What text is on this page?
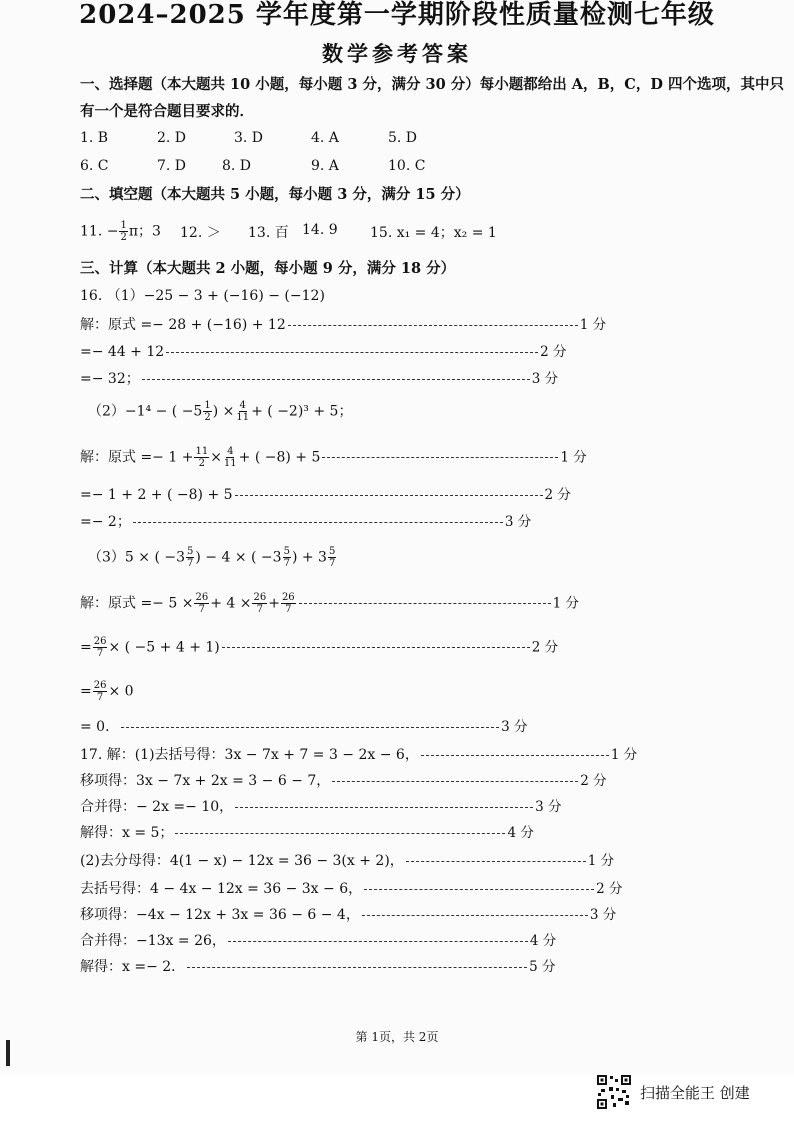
2024–2025 学年度第一学期阶段性质量检测七年级
数学参考答案
一、选择题（本大题共 10 小题，每小题 3 分，满分 30 分）每小题都给出 A，B，C，D 四个选项，其中只
有一个是符合题目要求的．
1. B	2. D	3. D	4. A	5. D
6. C	7. D	8. D	9. A	10. C
二、填空题（本大题共 5 小题，每小题 3 分，满分 15 分）
11. − $\frac{1}{2}$ π；3 12. ＞ 13. 百 14. 9 15. x₁ = 4；x₂ = 1
三、计算（本大题共 2 小题，每小题 9 分，满分 18 分）
16. （1）−25 − 3 + (−16) − (−12)
解：原式 =− 28 + (−16) + 12	1 分
=− 44 + 12	2 分
=− 32；	3 分
（2）−1⁴ − ( $-5 \frac{1}{2}$ ) × $\frac{4}{11}$ + ( −2)³ + 5；
解：原式 =− $1 + \frac{11}{2} \times \frac{4}{11}$ + ( −8) + 5	1 分
=− 1 + 2 + ( −8) + 5	2 分
=− 2；	3 分
（3）5 × ( $-3 \frac{5}{7}$ ) − 4 × ( $-3 \frac{5}{7}$ ) + $3 \frac{5}{7}$
解：原式 =− $5 \times \frac{26}{7} + 4 \times \frac{26}{7} + \frac{26}{7}$	1 分
= $\frac{26}{7}$ × ( −5 + 4 + 1)	2 分
= $\frac{26}{7} \times 0$
= 0．	3 分
17. 解：(1)去括号得：3x − 7x + 7 = 3 − 2x − 6，	1 分
移项得：3x − 7x + 2x = 3 − 6 − 7，	2 分
合并得：− 2x =− 10，	3 分
解得：x = 5；	4 分
(2)去分母得：4(1 − x) − 12x = 36 − 3(x + 2)，	1 分
去括号得：4 − 4x − 12x = 36 − 3x − 6，	2 分
移项得：−4x − 12x + 3x = 36 − 6 − 4，	3 分
合并得：−13x = 26，	4 分
解得：x =− 2．	5 分
第 1页，共 2页
扫描全能王 创建
